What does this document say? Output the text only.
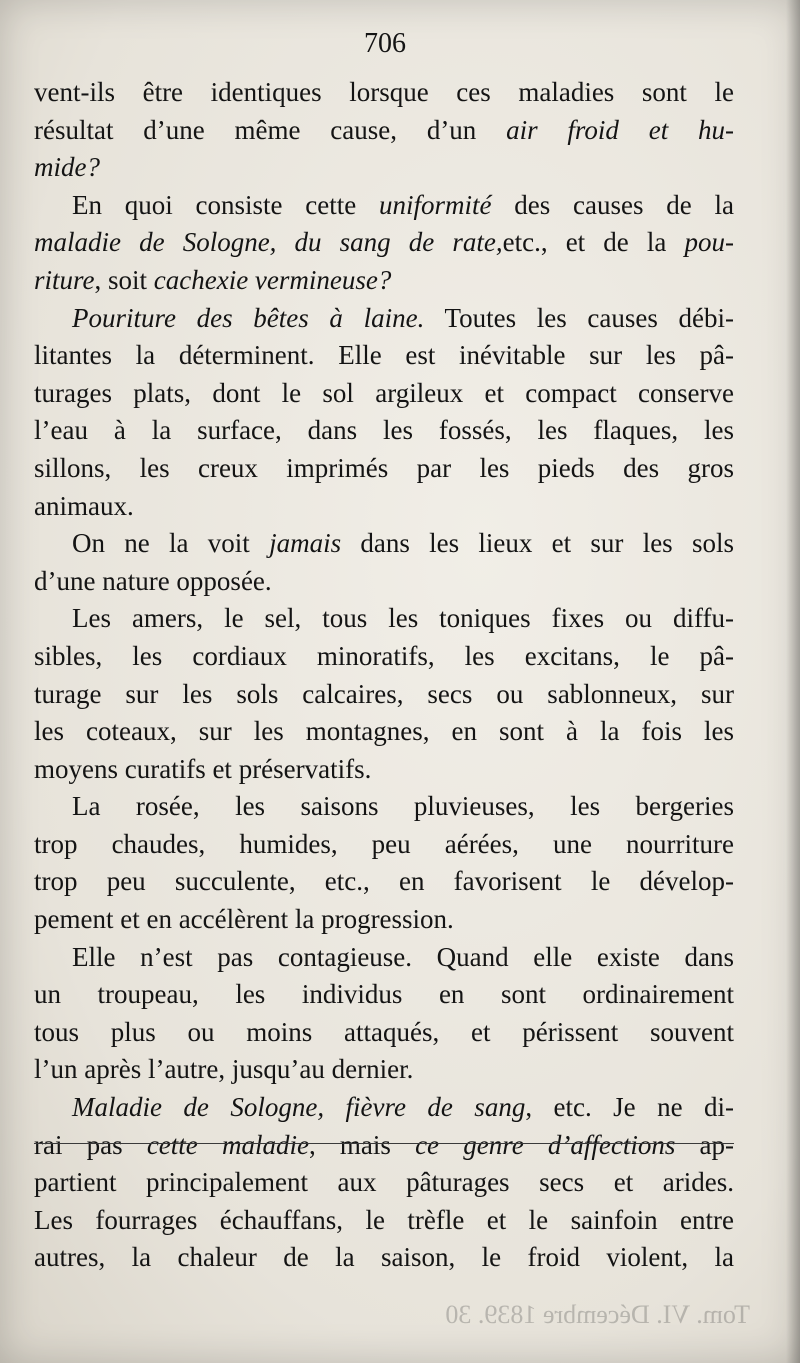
706
vent-ils être identiques lorsque ces maladies sont le
résultat d’une même cause, d’un air froid et hu-
mide?
En quoi consiste cette uniformité des causes de la
maladie de Sologne, du sang de rate,etc., et de la pou-
riture, soit cachexie vermineuse?
Pouriture des bêtes à laine. Toutes les causes débi-
litantes la déterminent. Elle est inévitable sur les pâ-
turages plats, dont le sol argileux et compact conserve
l’eau à la surface, dans les fossés, les flaques, les
sillons, les creux imprimés par les pieds des gros
animaux.
On ne la voit jamais dans les lieux et sur les sols
d’une nature opposée.
Les amers, le sel, tous les toniques fixes ou diffu-
sibles, les cordiaux minoratifs, les excitans, le pâ-
turage sur les sols calcaires, secs ou sablonneux, sur
les coteaux, sur les montagnes, en sont à la fois les
moyens curatifs et préservatifs.
La rosée, les saisons pluvieuses, les bergeries
trop chaudes, humides, peu aérées, une nourriture
trop peu succulente, etc., en favorisent le dévelop-
pement et en accélèrent la progression.
Elle n’est pas contagieuse. Quand elle existe dans
un troupeau, les individus en sont ordinairement
tous plus ou moins attaqués, et périssent souvent
l’un après l’autre, jusqu’au dernier.
Maladie de Sologne, fièvre de sang, etc. Je ne di-
rai pas cette maladie, mais ce genre d’affections ap-
partient principalement aux pâturages secs et arides.
Les fourrages échauffans, le trèfle et le sainfoin entre
autres, la chaleur de la saison, le froid violent, la
Tom. VI. Décembre 1839. 30
